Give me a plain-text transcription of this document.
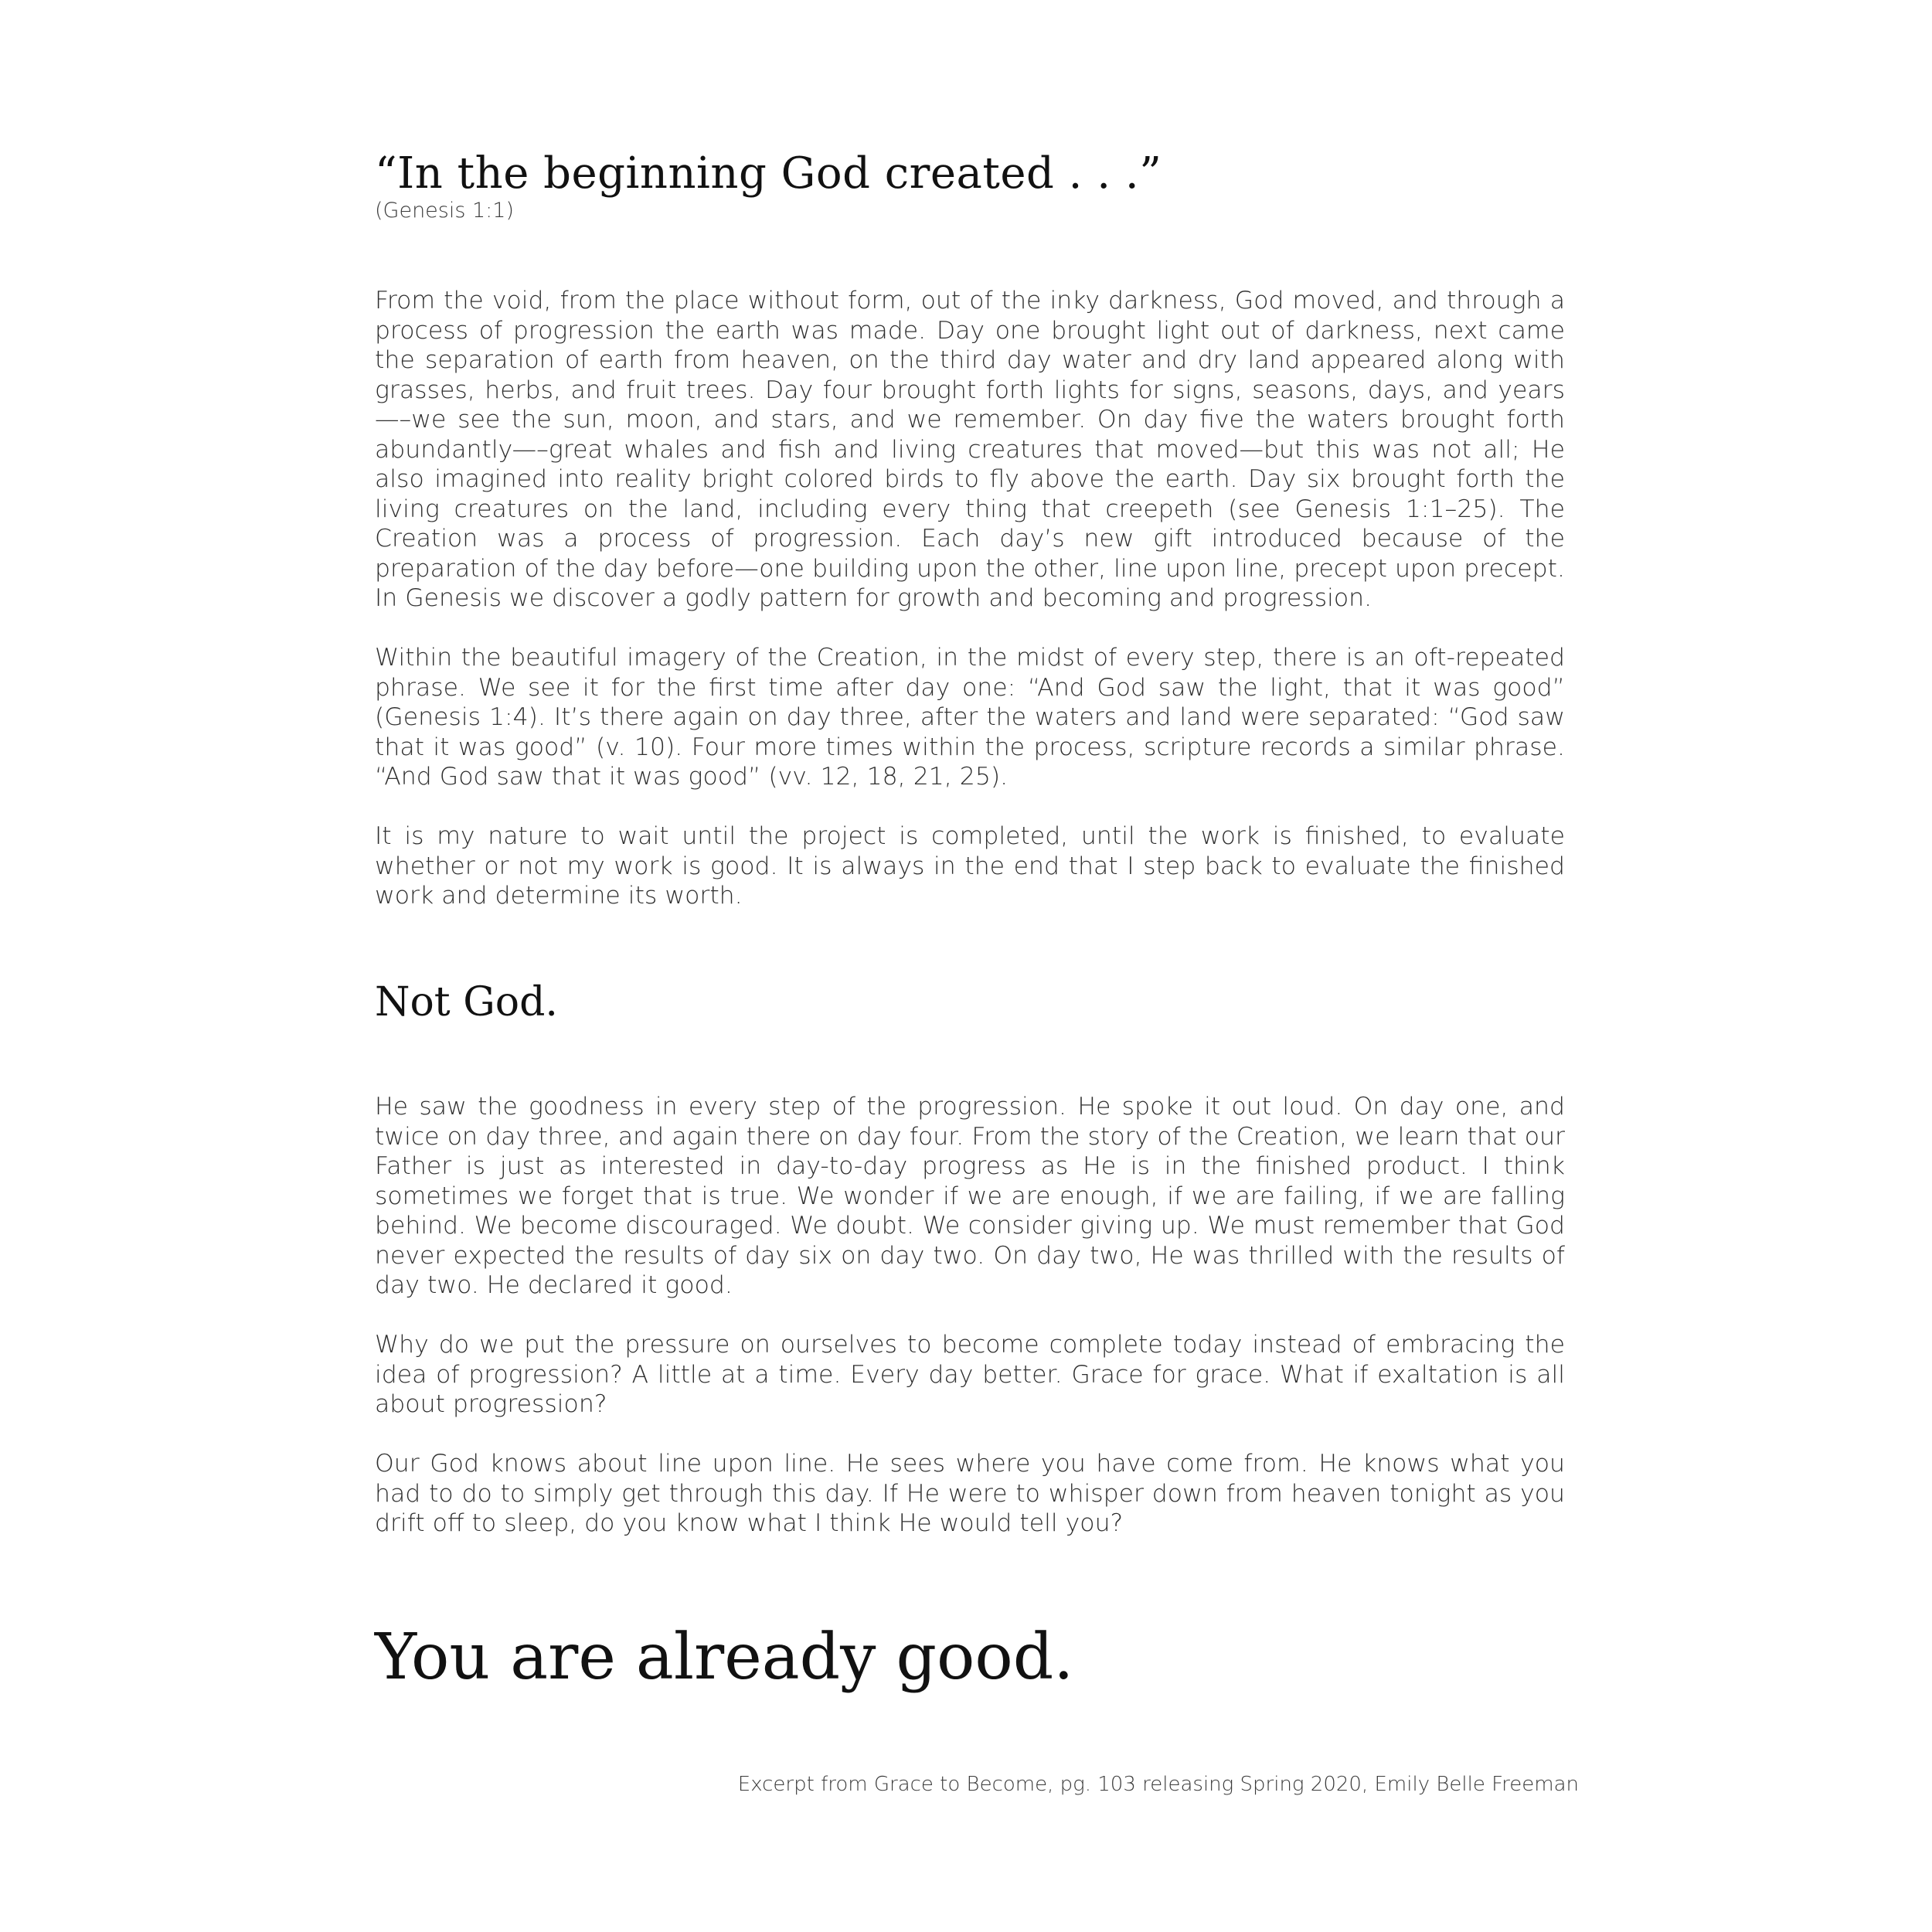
“In the beginning God created . . .”
(Genesis 1:1)

From the void, from the place without form, out of the inky darkness, God moved, and through a process of progression the earth was made. Day one brought light out of darkness, next came the separation of earth from heaven, on the third day water and dry land appeared along with grasses, herbs, and fruit trees. Day four brought forth lights for signs, seasons, days, and years—–we see the sun, moon, and stars, and we remember. On day five the waters brought forth abundantly—–great whales and fish and living creatures that moved—but this was not all; He also imagined into reality bright colored birds to fly above the earth. Day six brought forth the living creatures on the land, including every thing that creepeth (see Genesis 1:1–25). The Creation was a process of progression. Each day’s new gift introduced because of the preparation of the day before—one building upon the other, line upon line, precept upon precept. In Genesis we discover a godly pattern for growth and becoming and progression.

Within the beautiful imagery of the Creation, in the midst of every step, there is an oft-repeated phrase. We see it for the first time after day one: “And God saw the light, that it was good” (Genesis 1:4). It’s there again on day three, after the waters and land were separated: “God saw that it was good” (v. 10). Four more times within the process, scripture records a similar phrase. “And God saw that it was good” (vv. 12, 18, 21, 25).

It is my nature to wait until the project is completed, until the work is finished, to evaluate whether or not my work is good. It is always in the end that I step back to evaluate the finished work and determine its worth.

Not God.

He saw the goodness in every step of the progression. He spoke it out loud. On day one, and twice on day three, and again there on day four. From the story of the Creation, we learn that our Father is just as interested in day-to-day progress as He is in the finished product. I think sometimes we forget that is true. We wonder if we are enough, if we are failing, if we are falling behind. We become discouraged. We doubt. We consider giving up. We must remember that God never expected the results of day six on day two. On day two, He was thrilled with the results of day two. He declared it good.

Why do we put the pressure on ourselves to become complete today instead of embracing the idea of progression? A little at a time. Every day better. Grace for grace. What if exaltation is all about progression?

Our God knows about line upon line. He sees where you have come from. He knows what you had to do to simply get through this day. If He were to whisper down from heaven tonight as you drift off to sleep, do you know what I think He would tell you?

You are already good.
Excerpt from Grace to Become, pg. 103 releasing Spring 2020, Emily Belle Freeman
